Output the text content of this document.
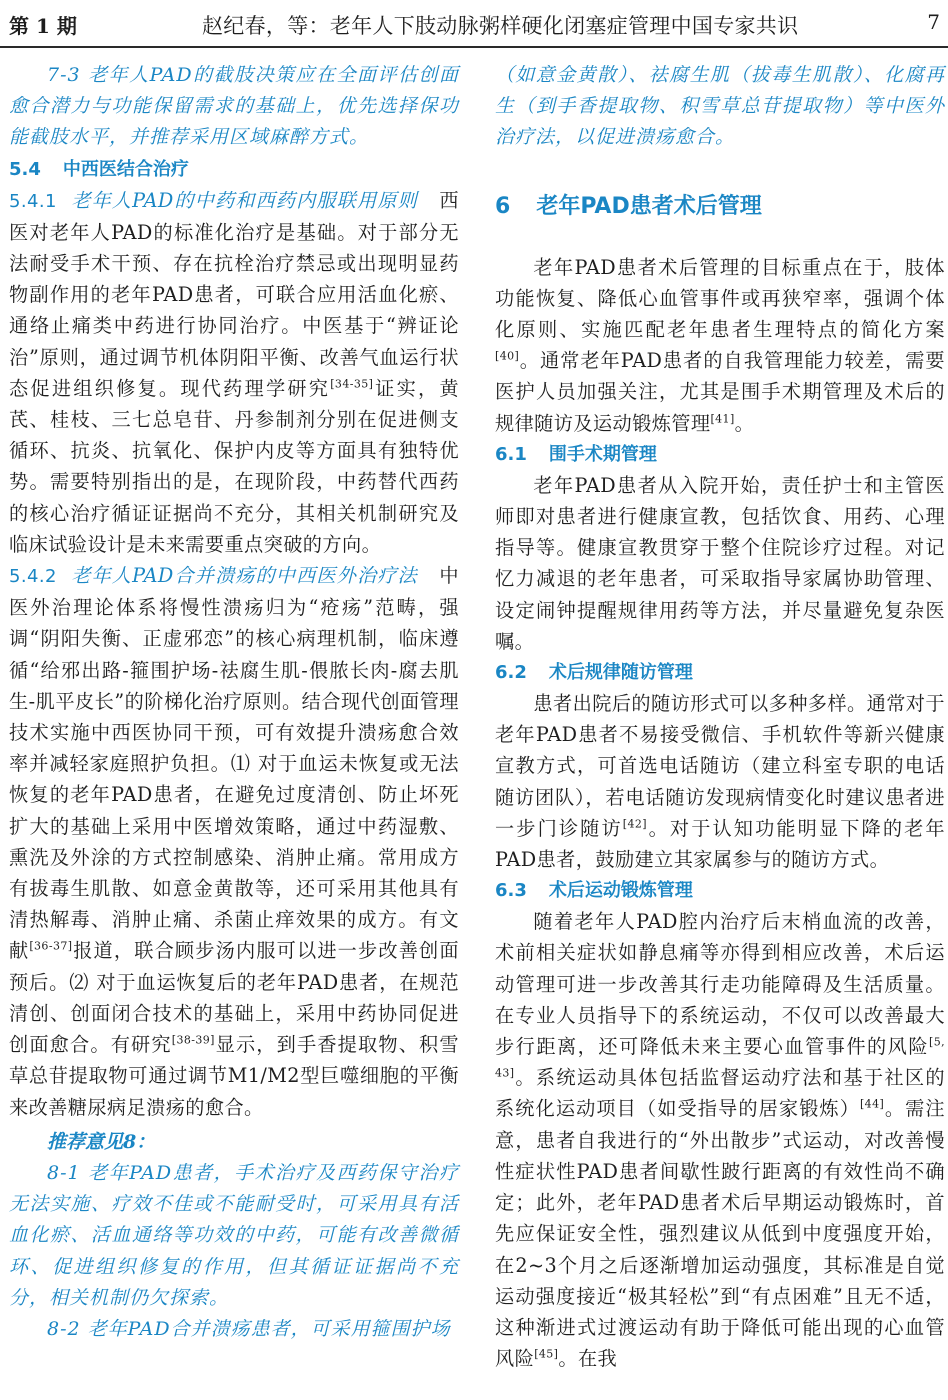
第 1 期	赵纪春，等：老年人下肢动脉粥样硬化闭塞症管理中国专家共识	7

7-3 老年人PAD的截肢决策应在全面评估创面愈合潜力与功能保留需求的基础上，优先选择保功能截肢水平，并推荐采用区域麻醉方式。

5.4 中西医结合治疗

5.4.1 老年人PAD的中药和西药内服联用原则 西医对老年人PAD的标准化治疗是基础。对于部分无法耐受手术干预、存在抗栓治疗禁忌或出现明显药物副作用的老年PAD患者，可联合应用活血化瘀、通络止痛类中药进行协同治疗。中医基于“辨证论治”原则，通过调节机体阴阳平衡、改善气血运行状态促进组织修复。现代药理学研究[34-35]证实，黄芪、桂枝、三七总皂苷、丹参制剂分别在促进侧支循环、抗炎、抗氧化、保护内皮等方面具有独特优势。需要特别指出的是，在现阶段，中药替代西药的核心治疗循证证据尚不充分，其相关机制研究及临床试验设计是未来需要重点突破的方向。

5.4.2 老年人PAD合并溃疡的中西医外治疗法 中医外治理论体系将慢性溃疡归为“疮疡”范畴，强调“阴阳失衡、正虚邪恋”的核心病理机制，临床遵循“给邪出路-箍围护场-祛腐生肌-偎脓长肉-腐去肌生-肌平皮长”的阶梯化治疗原则。结合现代创面管理技术实施中西医协同干预，可有效提升溃疡愈合效率并减轻家庭照护负担。⑴ 对于血运未恢复或无法恢复的老年PAD患者，在避免过度清创、防止坏死扩大的基础上采用中医增效策略，通过中药湿敷、熏洗及外涂的方式控制感染、消肿止痛。常用成方有拔毒生肌散、如意金黄散等，还可采用其他具有清热解毒、消肿止痛、杀菌止痒效果的成方。有文献[36-37]报道，联合顾步汤内服可以进一步改善创面预后。⑵ 对于血运恢复后的老年PAD患者，在规范清创、创面闭合技术的基础上，采用中药协同促进创面愈合。有研究[38-39]显示，到手香提取物、积雪草总苷提取物可通过调节M1/M2型巨噬细胞的平衡来改善糖尿病足溃疡的愈合。

推荐意见8：

8-1 老年PAD患者，手术治疗及西药保守治疗无法实施、疗效不佳或不能耐受时，可采用具有活血化瘀、活血通络等功效的中药，可能有改善微循环、促进组织修复的作用，但其循证证据尚不充分，相关机制仍欠探索。

8-2 老年PAD合并溃疡患者，可采用箍围护场

（如意金黄散）、祛腐生肌（拔毒生肌散）、化腐再生（到手香提取物、积雪草总苷提取物）等中医外治疗法，以促进溃疡愈合。

6 老年PAD患者术后管理

老年PAD患者术后管理的目标重点在于，肢体功能恢复、降低心血管事件或再狭窄率，强调个体化原则、实施匹配老年患者生理特点的简化方案[40]。通常老年PAD患者的自我管理能力较差，需要医护人员加强关注，尤其是围手术期管理及术后的规律随访及运动锻炼管理[41]。

6.1 围手术期管理

老年PAD患者从入院开始，责任护士和主管医师即对患者进行健康宣教，包括饮食、用药、心理指导等。健康宣教贯穿于整个住院诊疗过程。对记忆力减退的老年患者，可采取指导家属协助管理、设定闹钟提醒规律用药等方法，并尽量避免复杂医嘱。

6.2 术后规律随访管理

患者出院后的随访形式可以多种多样。通常对于老年PAD患者不易接受微信、手机软件等新兴健康宣教方式，可首选电话随访（建立科室专职的电话随访团队），若电话随访发现病情变化时建议患者进一步门诊随访[42]。对于认知功能明显下降的老年PAD患者，鼓励建立其家属参与的随访方式。

6.3 术后运动锻炼管理

随着老年人PAD腔内治疗后末梢血流的改善，术前相关症状如静息痛等亦得到相应改善，术后运动管理可进一步改善其行走功能障碍及生活质量。在专业人员指导下的系统运动，不仅可以改善最大步行距离，还可降低未来主要心血管事件的风险[5, 43]。系统运动具体包括监督运动疗法和基于社区的系统化运动项目（如受指导的居家锻炼）[44]。需注意，患者自我进行的“外出散步”式运动，对改善慢性症状性PAD患者间歇性跛行距离的有效性尚不确定；此外，老年PAD患者术后早期运动锻炼时，首先应保证安全性，强烈建议从低到中度强度开始，在2~3个月之后逐渐增加运动强度，其标准是自觉运动强度接近“极其轻松”到“有点困难”且无不适，这种渐进式过渡运动有助于降低可能出现的心血管风险[45]。在我
